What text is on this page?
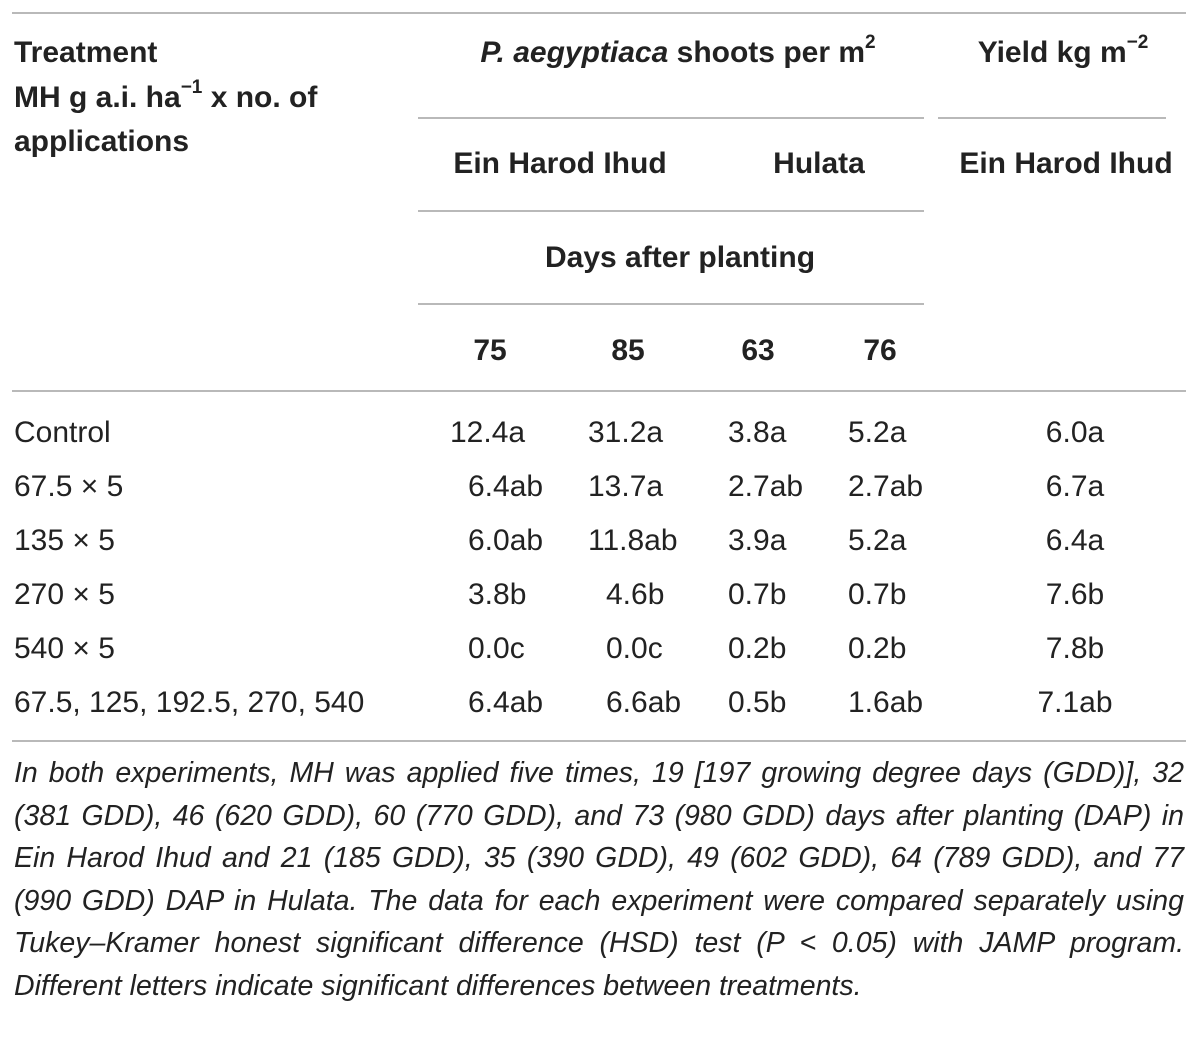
Treatment
MH g a.i. $ha^{-1}$ x no. of
applications
P. aegyptiaca shoots per $m^2$	Yield kg $m^{-2}$
Ein Harod Ihud	Hulata	Ein Harod Ihud
Days after planting
75	85	63	76
Control	12.4a 31.2a 3.8a 5.2a	6.0a
67.5 × 5	6.4ab 13.7a 2.7ab 2.7ab	6.7a
135 × 5	6.0ab 11.8ab 3.9a 5.2a	6.4a
270 × 5	3.8b	4.6b 0.7b 0.7b	7.6b
540 × 5	0.0c	0.0c 0.2b 0.2b	7.8b
67.5, 125, 192.5, 270, 540	6.4ab 6.6ab 0.5b 1.6ab	7.1ab
In both experiments, MH was applied five times, 19 [197 growing degree days (GDD)], 32 (381 GDD), 46 (620 GDD), 60 (770 GDD), and 73 (980 GDD) days after planting (DAP) in Ein Harod Ihud and 21 (185 GDD), 35 (390 GDD), 49 (602 GDD), 64 (789 GDD), and 77 (990 GDD) DAP in Hulata. The data for each experiment were compared separately using Tukey–Kramer honest significant difference (HSD) test (P < 0.05) with JAMP program. Different letters indicate significant differences between treatments.
